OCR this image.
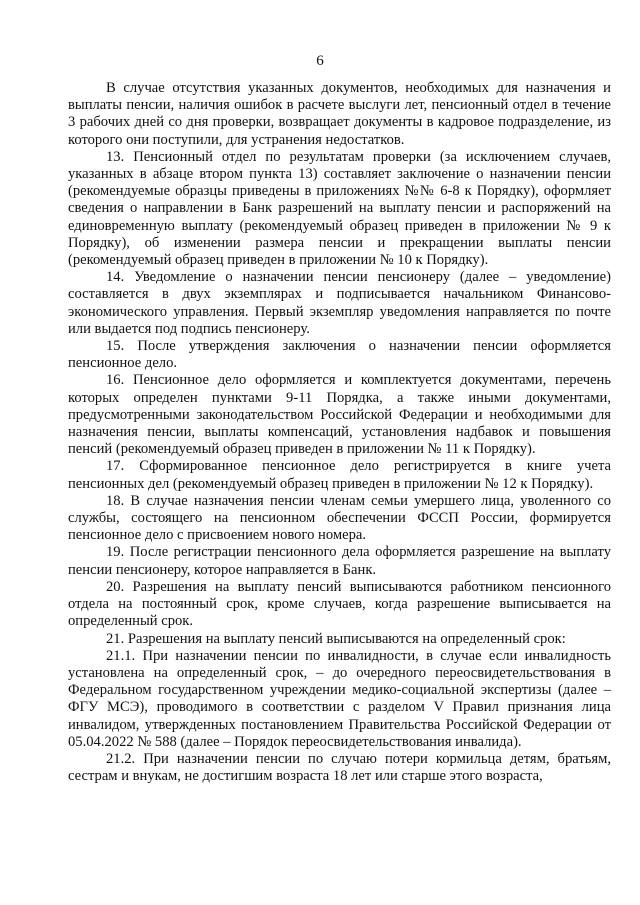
6

В случае отсутствия указанных документов, необходимых для назначения и выплаты пенсии, наличия ошибок в расчете выслуги лет, пенсионный отдел в течение 3 рабочих дней со дня проверки, возвращает документы в кадровое подразделение, из которого они поступили, для устранения недостатков.

13. Пенсионный отдел по результатам проверки (за исключением случаев, указанных в абзаце втором пункта 13) составляет заключение о назначении пенсии (рекомендуемые образцы приведены в приложениях №№ 6-8 к Порядку), оформляет сведения о направлении в Банк разрешений на выплату пенсии и распоряжений на единовременную выплату (рекомендуемый образец приведен в приложении № 9 к Порядку), об изменении размера пенсии и прекращении выплаты пенсии (рекомендуемый образец приведен в приложении № 10 к Порядку).

14. Уведомление о назначении пенсии пенсионеру (далее – уведомление) составляется в двух экземплярах и подписывается начальником Финансово-экономического управления. Первый экземпляр уведомления направляется по почте или выдается под подпись пенсионеру.

15. После утверждения заключения о назначении пенсии оформляется пенсионное дело.

16. Пенсионное дело оформляется и комплектуется документами, перечень которых определен пунктами 9-11 Порядка, а также иными документами, предусмотренными законодательством Российской Федерации и необходимыми для назначения пенсии, выплаты компенсаций, установления надбавок и повышения пенсий (рекомендуемый образец приведен в приложении № 11 к Порядку).

17. Сформированное пенсионное дело регистрируется в книге учета пенсионных дел (рекомендуемый образец приведен в приложении № 12 к Порядку).

18. В случае назначения пенсии членам семьи умершего лица, уволенного со службы, состоящего на пенсионном обеспечении ФССП России, формируется пенсионное дело с присвоением нового номера.

19. После регистрации пенсионного дела оформляется разрешение на выплату пенсии пенсионеру, которое направляется в Банк.

20. Разрешения на выплату пенсий выписываются работником пенсионного отдела на постоянный срок, кроме случаев, когда разрешение выписывается на определенный срок.

21. Разрешения на выплату пенсий выписываются на определенный срок:

21.1. При назначении пенсии по инвалидности, в случае если инвалидность установлена на определенный срок, – до очередного переосвидетельствования в Федеральном государственном учреждении медико-социальной экспертизы (далее – ФГУ МСЭ), проводимого в соответствии с разделом V Правил признания лица инвалидом, утвержденных постановлением Правительства Российской Федерации от 05.04.2022 № 588 (далее – Порядок переосвидетельствования инвалида).

21.2. При назначении пенсии по случаю потери кормильца детям, братьям, сестрам и внукам, не достигшим возраста 18 лет или старше этого возраста,
